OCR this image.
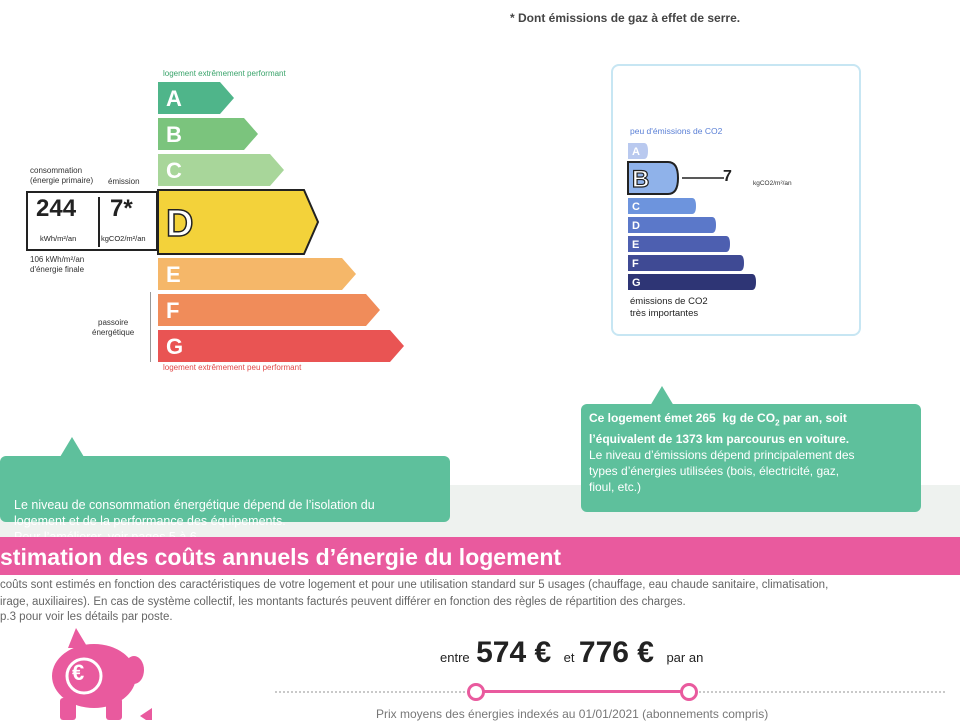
* Dont émissions de gaz à effet de serre.
logement extrêmement performant
A
B
C
D
E
F
G
consommation
(énergie primaire) émission
244
kWh/m²/an
7*
kgCO2/m²/an
106 kWh/m²/an
d'énergie finale
passoire
énergétique
logement extrêmement peu performant
peu d'émissions de CO2
A
B
C
D
E
F
G
7	kgCO2/m²/an
émissions de CO2
très importantes

Le niveau de consommation énergétique dépend de l’isolation du
logement et de la performance des équipements.

Ce logement émet 265  kg de $CO_2$ par an, soit
l’équivalent de 1373 km parcourus en voiture.

Le niveau d’émissions dépend principalement des
types d’énergies utilisées (bois, électricité, gaz,
fioul, etc.)

stimation des coûts annuels d’énergie du logement
coûts sont estimés en fonction des caractéristiques de votre logement et pour une utilisation standard sur 5 usages (chauffage, eau chaude sanitaire, climatisation,
irage, auxiliaires). En cas de système collectif, les montants facturés peuvent différer en fonction des règles de répartition des charges.
p.3 pour voir les détails par poste.
€
entre 574 € et 776 € par an
Prix moyens des énergies indexés au 01/01/2021 (abonnements compris)
